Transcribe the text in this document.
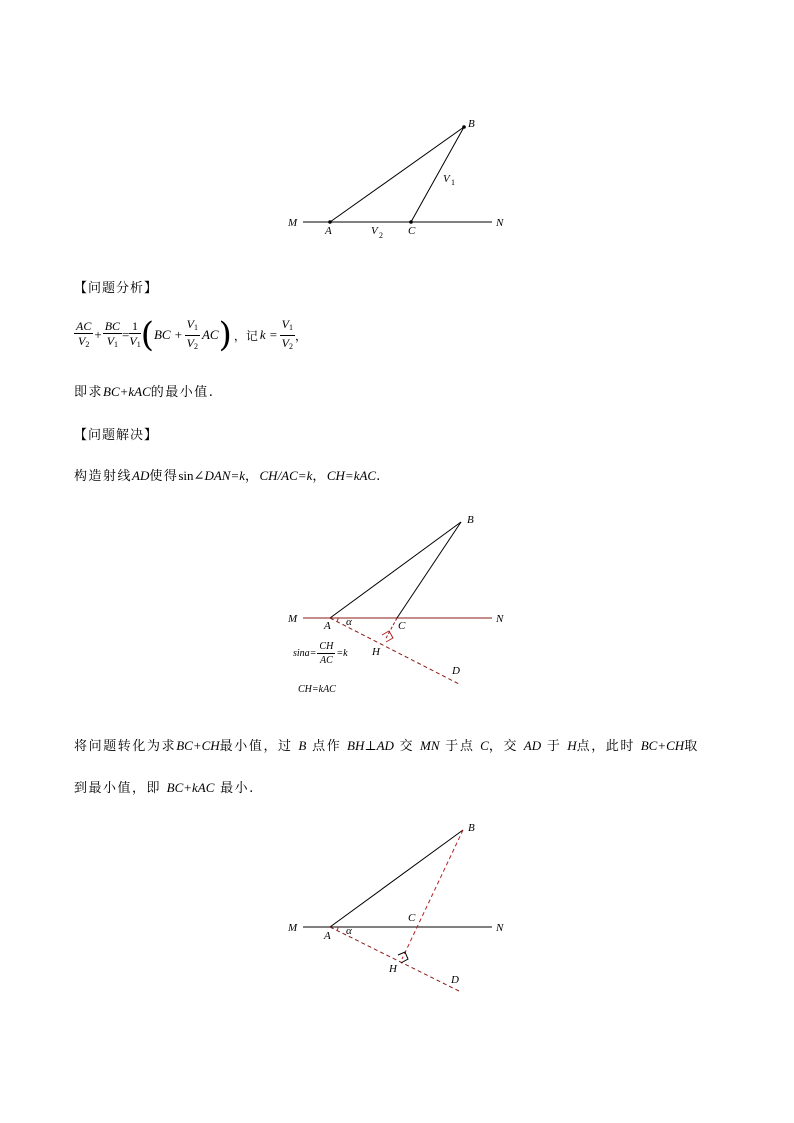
B
M	N
A	C
V 1
V 2
【问题分析】
$\frac{AC}{V_2} + \frac{BC}{V_1} = \frac{1}{V_1}$ ( BC + $\frac{V_1}{V_2}$ AC ) ，记 $k = \frac{V_1}{V_2}$ ，
即求BC+kAC的最小值.
【问题解决】
构造射线AD使得sin∠DAN=k，CH/AC=k，CH=kAC.
B
M	N
A α	C
H
D
$\sin a= \frac{CH}{AC} =k$
CH=kAC
将问题转化为求BC+CH最小值，过 B 点作 BH⊥AD 交 MN 于点 C，交 AD 于 H点，此时 BC+CH取
到最小值，即 BC+kAC 最小.
B
M	N
A α
C
H
D
